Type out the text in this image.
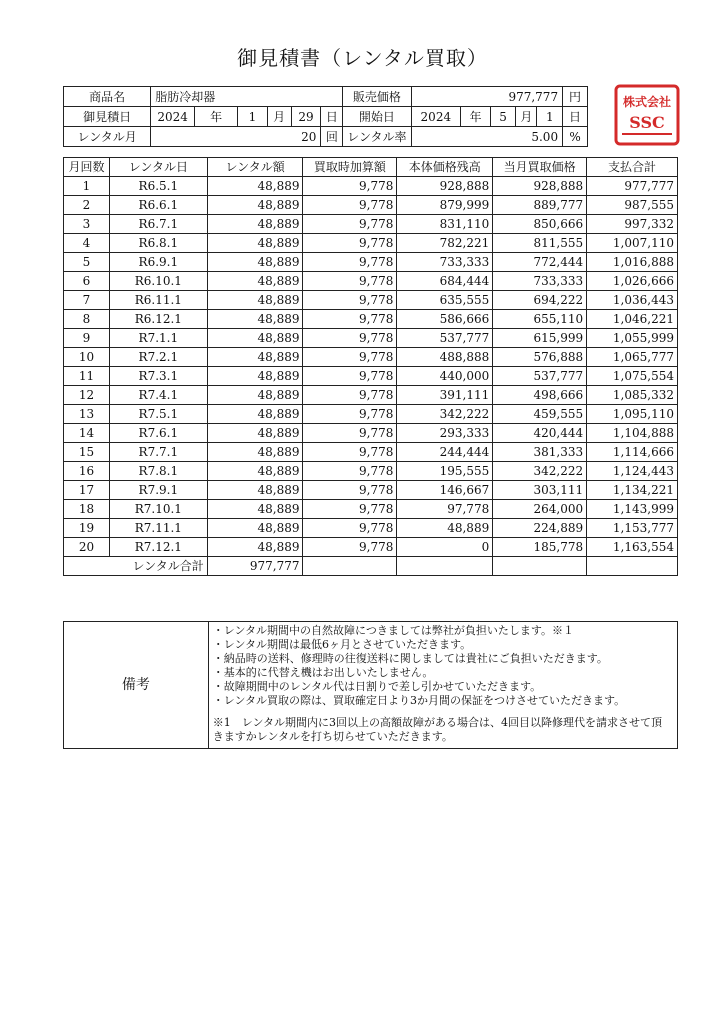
御見積書（レンタル買取）
商品名	脂肪冷却器						販売価格	977,777					円
御見積日	2024	年	1	月	29	日	開始日	2024	年	5	月	1	日
レンタル月	20					回	レンタル率	5.00					%
株式会社
SSC
月回数	レンタル日	レンタル額	買取時加算額	本体価格残高	当月買取価格	支払合計
1	R6.5.1	48,889	9,778	928,888	928,888	977,777
2	R6.6.1	48,889	9,778	879,999	889,777	987,555
3	R6.7.1	48,889	9,778	831,110	850,666	997,332
4	R6.8.1	48,889	9,778	782,221	811,555	1,007,110
5	R6.9.1	48,889	9,778	733,333	772,444	1,016,888
6	R6.10.1	48,889	9,778	684,444	733,333	1,026,666
7	R6.11.1	48,889	9,778	635,555	694,222	1,036,443
8	R6.12.1	48,889	9,778	586,666	655,110	1,046,221
9	R7.1.1	48,889	9,778	537,777	615,999	1,055,999
10	R7.2.1	48,889	9,778	488,888	576,888	1,065,777
11	R7.3.1	48,889	9,778	440,000	537,777	1,075,554
12	R7.4.1	48,889	9,778	391,111	498,666	1,085,332
13	R7.5.1	48,889	9,778	342,222	459,555	1,095,110
14	R7.6.1	48,889	9,778	293,333	420,444	1,104,888
15	R7.7.1	48,889	9,778	244,444	381,333	1,114,666
16	R7.8.1	48,889	9,778	195,555	342,222	1,124,443
17	R7.9.1	48,889	9,778	146,667	303,111	1,134,221
18	R7.10.1	48,889	9,778	97,778	264,000	1,143,999
19	R7.11.1	48,889	9,778	48,889	224,889	1,153,777
20	R7.12.1	48,889	9,778	0	185,778	1,163,554
レンタル合計		977,777				
備考	
・レンタル期間中の自然故障につきましては弊社が負担いたします。※１
・レンタル期間は最低6ヶ月とさせていただきます。
・納品時の送料、修理時の往復送料に関しましては貴社にご負担いただきます。
・基本的に代替え機はお出しいたしません。
・故障期間中のレンタル代は日割りで差し引かせていただきます。
・レンタル買取の際は、買取確定日より3か月間の保証をつけさせていただきます。
※1　レンタル期間内に3回以上の高額故障がある場合は、4回目以降修理代を請求させて頂きますかレンタルを打ち切らせていただきます。
